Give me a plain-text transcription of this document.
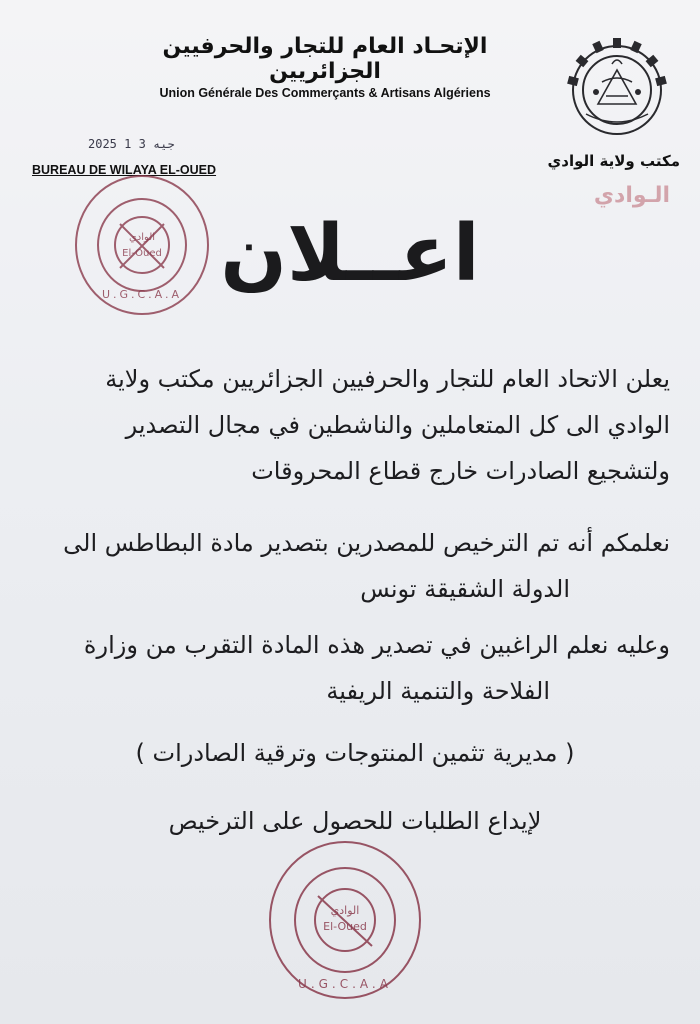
الإتحـاد العام للتجار والحرفيين الجزائريين
Union Générale Des Commerçants & Artisans Algériens
2025 جيه 3 1
BUREAU DE WILAYA EL-OUED	مكتب ولاية الوادي
الـوادي
الوادي
El-Oued
U.G.C.A.A اعــلان
يعلن الاتحاد العام للتجار والحرفيين الجزائريين مكتب ولاية
الوادي الى كل المتعاملين والناشطين في مجال التصدير
ولتشجيع الصادرات خارج قطاع المحروقات
نعلمكم أنه تم الترخيص للمصدرين بتصدير مادة البطاطس الى
الدولة الشقيقة تونس
وعليه نعلم الراغبين في تصدير هذه المادة التقرب من وزارة
الفلاحة والتنمية الريفية
( مديرية تثمين المنتوجات وترقية الصادرات )
لإيداع الطلبات للحصول على الترخيص
الوادي
El-Oued
U.G.C.A.A
